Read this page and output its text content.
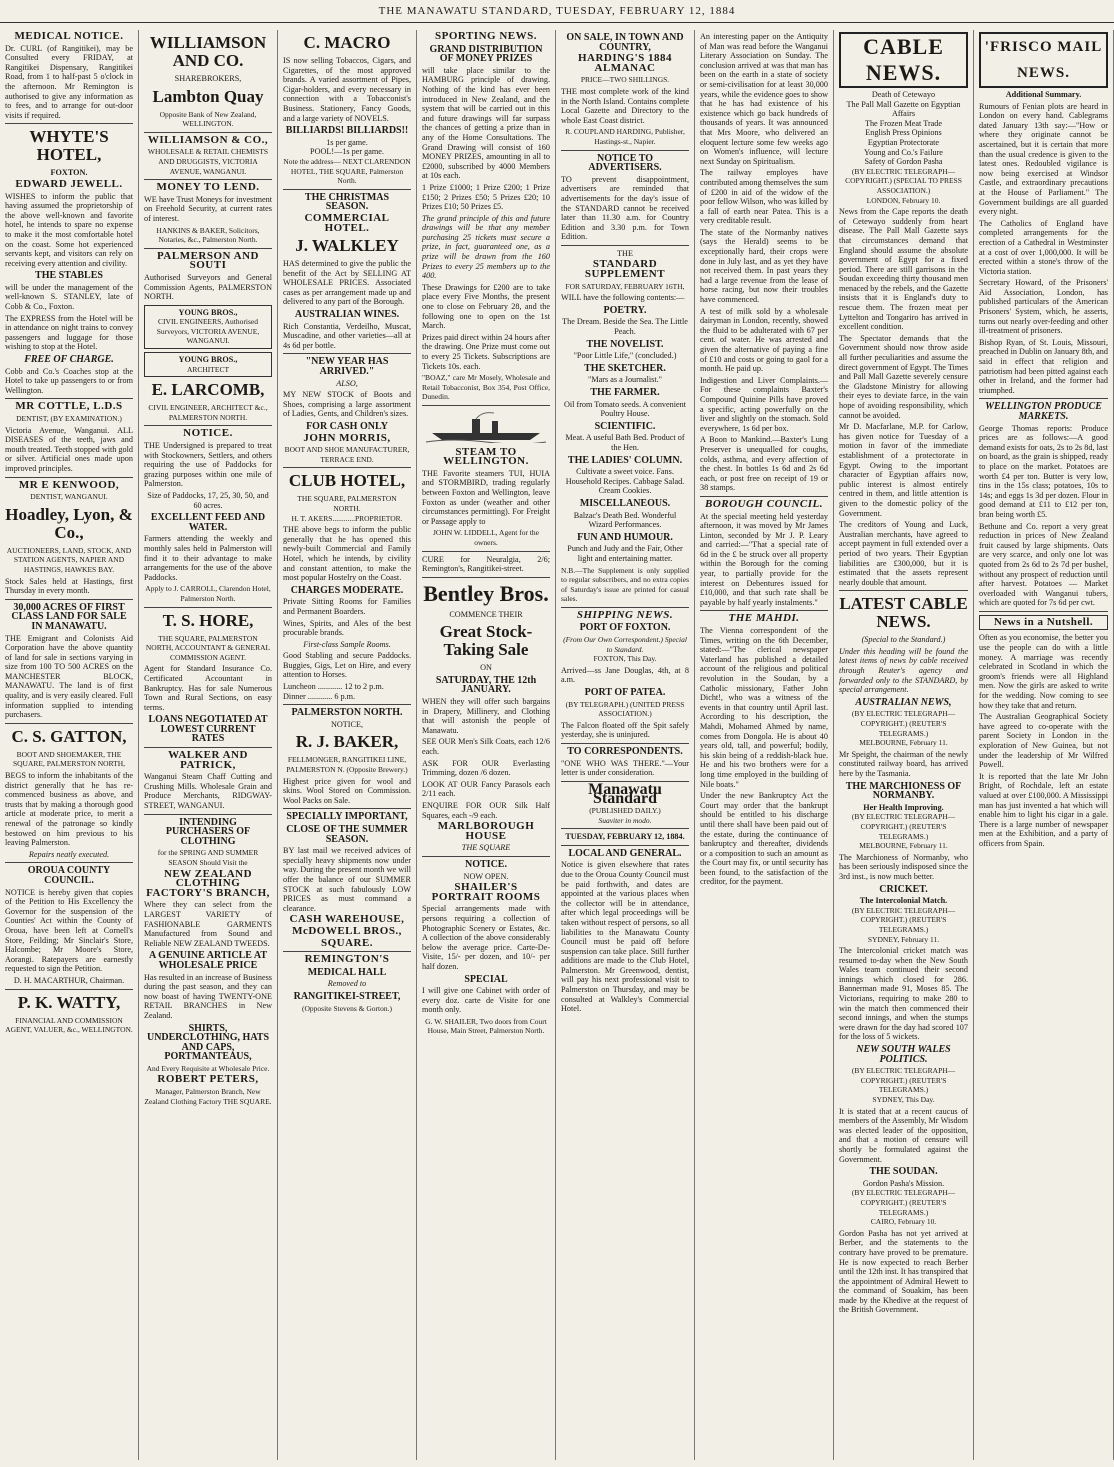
THE MANAWATU STANDARD, TUESDAY, FEBRUARY 12, 1884
MEDICAL NOTICE.

Dr. CURL (of Rangitikei), may be Consulted every FRIDAY, at Rangitikei Dispensary, Rangitikei Road, from 1 to half-past 5 o'clock in the afternoon. Mr Remington is authorised to give any information as to fees, and to arrange for out-door visits if required.

WHYTE'S HOTEL,
FOXTON.
EDWARD JEWELL.

WISHES to inform the public that having assumed the proprietorship of the above well-known and favorite hotel, he intends to spare no expense to make it the most comfortable hotel on the coast. Some hot experienced servants kept, and visitors can rely on receiving every attention and civility.

THE STABLES

will be under the management of the well-known S. STANLEY, late of Cobb & Co., Foxton.

The EXPRESS from the Hotel will be in attendance on night trains to convey passengers and luggage for those wishing to stop at the Hotel.

FREE OF CHARGE.

Cobb and Co.'s Coaches stop at the Hotel to take up passengers to or from Wellington.

MR COTTLE, L.D.S
DENTIST, (BY EXAMINATION.)

Victoria Avenue, Wanganui. ALL DISEASES of the teeth, jaws and mouth treated. Teeth stopped with gold or silver. Artificial ones made upon improved principles.

MR E KENWOOD,
DENTIST, WANGANUI.
Hoadley, Lyon, & Co.,
AUCTIONEERS, LAND, STOCK, AND STATION AGENTS, NAPIER AND HASTINGS, HAWKES BAY.

Stock Sales held at Hastings, first Thursday in every month.

30,000 ACRES OF FIRST CLASS LAND FOR SALE IN MANAWATU.

THE Emigrant and Colonists Aid Corporation have the above quantity of land for sale in sections varying in size from 100 TO 500 ACRES on the MANCHESTER BLOCK, MANAWATU. The land is of first quality, and is very easily cleared. Full information supplied to intending purchasers.

C. S. GATTON,
BOOT AND SHOEMAKER, THE SQUARE, PALMERSTON NORTH,

BEGS to inform the inhabitants of the district generally that he has re-commenced business as above, and trusts that by making a thorough good article at moderate price, to merit a renewal of the patronage so kindly bestowed on him previous to his leaving Palmerston.

Repairs neatly executed.
OROUA COUNTY COUNCIL.

NOTICE is hereby given that copies of the Petition to His Excellency the Governor for the suspension of the Counties' Act within the County of Oroua, have been left at Cornell's Store, Feilding; Mr Sinclair's Store, Halcombe; Mr Moore's Store, Aorangi. Ratepayers are earnestly requested to sign the Petition.

D. H. MACARTHUR, Chairman.
P. K. WATTY,
FINANCIAL AND COMMISSION AGENT, VALUER, &c., WELLINGTON.
WILLIAMSON AND CO.
SHAREBROKERS,
Lambton Quay
Opposite Bank of New Zealand, WELLINGTON.
WILLIAMSON & CO.,
WHOLESALE & RETAIL CHEMISTS AND DRUGGISTS, VICTORIA AVENUE, WANGANUI.
MONEY TO LEND.

WE have Trust Moneys for investment on Freehold Security, at current rates of interest.

HANKINS & BAKER, Solicitors, Notaries, &c., Palmerston North.
PALMERSON AND SOUTI

Authorised Surveyors and General Commission Agents, PALMERSTON NORTH.

YOUNG BROS.,
CIVIL ENGINEERS, Authorised Surveyors, VICTORIA AVENUE, WANGANUI.
YOUNG BROS.,
ARCHITECT
E. LARCOMB,
CIVIL ENGINEER, ARCHITECT &c., PALMERSTON NORTH.
NOTICE.

THE Undersigned is prepared to treat with Stockowners, Settlers, and others requiring the use of Paddocks for grazing purposes within one mile of Palmerston.

Size of Paddocks, 17, 25, 30, 50, and 60 acres.
EXCELLENT FEED AND WATER.

Farmers attending the weekly and monthly sales held in Palmerston will find it to their advantage to make arrangements for the use of the above Paddocks.

Apply to J. CARROLL, Clarendon Hotel, Palmerston North.
T. S. HORE,
THE SQUARE, PALMERSTON NORTH, ACCOUNTANT & GENERAL COMMISSION AGENT.

Agent for Standard Insurance Co. Certificated Accountant in Bankruptcy. Has for sale Numerous Town and Rural Sections, on easy terms.

LOANS NEGOTIATED AT LOWEST CURRENT RATES
WALKER AND PATRICK,

Wanganui Steam Chaff Cutting and Crushing Mills. Wholesale Grain and Produce Merchants, RIDGWAY-STREET, WANGANUI.

INTENDING PURCHASERS OF CLOTHING
for the SPRING AND SUMMER SEASON Should Visit the
NEW ZEALAND CLOTHING FACTORY'S BRANCH,

Where they can select from the LARGEST VARIETY of FASHIONABLE GARMENTS Manufactured from Sound and Reliable NEW ZEALAND TWEEDS.

A GENUINE ARTICLE AT WHOLESALE PRICE

Has resulted in an increase of Business during the past season, and they can now boast of having TWENTY-ONE RETAIL BRANCHES in New Zealand.

SHIRTS, UNDERCLOTHING, HATS AND CAPS, PORTMANTEAUS,
And Every Requisite at Wholesale Price.
ROBERT PETERS,
Manager, Palmerston Branch, New Zealand Clothing Factory THE SQUARE.
C. MACRO

IS now selling Tobaccos, Cigars, and Cigarettes, of the most approved brands. A varied assortment of Pipes, Cigar-holders, and every necessary in connection with a Tobacconist's Business. Stationery, Fancy Goods, and a large variety of NOVELS.

BILLIARDS! BILLIARDS!!
1s per game.
POOL!—1s per game.
Note the address— NEXT CLARENDON HOTEL, THE SQUARE, Palmerston North.
THE CHRISTMAS SEASON.
COMMERCIAL HOTEL.
J. WALKLEY

HAS determined to give the public the benefit of the Act by SELLING AT WHOLESALE PRICES. Associated cases as per arrangement made up and delivered to any part of the Borough.

AUSTRALIAN WINES.

Rich Constantia, Verdeilho, Muscat, Muscadine, and other varieties—all at 4s 6d per bottle.

"NEW YEAR HAS ARRIVED."
ALSO,

MY NEW STOCK of Boots and Shoes, comprising a large assortment of Ladies, Gents, and Children's sizes.

FOR CASH ONLY
JOHN MORRIS,
BOOT AND SHOE MANUFACTURER, TERRACE END.
CLUB HOTEL,
THE SQUARE, PALMERSTON NORTH.
H. T. AKERS............PROPRIETOR.

THE above begs to inform the public generally that he has opened this newly-built Commercial and Family Hotel, which he intends, by civility and constant attention, to make the most popular Hostelry on the Coast.

CHARGES MODERATE.

Private Sitting Rooms for Families and Permanent Boarders.

Wines, Spirits, and Ales of the best procurable brands.

First-class Sample Rooms.

Good Stabling and secure Paddocks. Buggies, Gigs, Let on Hire, and every attention to Horses.

Luncheon ............ 12 to 2 p.m.
Dinner ............ 6 p.m.
PALMERSTON NORTH.
NOTICE,
R. J. BAKER,
FELLMONGER, RANGITIKEI LINE, PALMERSTON N. (Opposite Brewery.)

Highest price given for wool and skins. Wool Stored on Commission. Wool Packs on Sale.

SPECIALLY IMPORTANT,
CLOSE OF THE SUMMER SEASON.

BY last mail we received advices of specially heavy shipments now under way. During the present month we will offer the balance of our SUMMER STOCK at such fabulously LOW PRICES as must command a clearance.

CASH WAREHOUSE,
McDOWELL BROS.,
SQUARE.
REMINGTON'S
MEDICAL HALL
Removed to
RANGITIKEI-STREET,
(Opposite Stevens & Gorton.)
SPORTING NEWS.
GRAND DISTRIBUTION OF MONEY PRIZES

will take place similar to the HAMBURG principle of drawing. Nothing of the kind has ever been introduced in New Zealand, and the system that will be carried out in this and future drawings will far surpass the chances of getting a prize than in any of the Home Consultations. The Grand Drawing will consist of 160 MONEY PRIZES, amounting in all to £2000, subscribed by 4000 Members at 10s each.

1 Prize £1000; 1 Prize £200; 1 Prize £150; 2 Prizes £50; 5 Prizes £20; 10 Prizes £10; 50 Prizes £5.

The grand principle of this and future drawings will be that any member purchasing 25 tickets must secure a prize, in fact, guaranteed one, as a prize will be drawn from the 160 Prizes to every 25 members up to the 400.

These Drawings for £200 are to take place every Five Months, the present one to close on February 28, and the following one to open on the 1st March.

Prizes paid direct within 24 hours after the drawing. One Prize must come out to every 25 Tickets. Subscriptions are Tickets 10s. each.

"BOAZ," care Mr Mosely, Wholesale and Retail Tobacconist, Box 354, Post Office, Dunedin.

STEAM TO WELLINGTON.

THE Favorite steamers TUI, HUIA and STORMBIRD, trading regularly between Foxton and Wellington, leave Foxton as under (weather and other circumstances permitting). For Freight or Passage apply to

JOHN W. LIDDELL, Agent for the owners.

CURE for Neuralgia, 2/6; Remington's, Rangitikei-street.

Bentley Bros.
COMMENCE THEIR
Great Stock-Taking Sale
ON
SATURDAY, THE 12th JANUARY.

WHEN they will offer such bargains in Drapery, Millinery, and Clothing that will astonish the people of Manawatu.

SEE OUR Men's Silk Coats, each 12/6 each.

ASK FOR OUR Everlasting Trimming, dozen /6 dozen.

LOOK AT OUR Fancy Parasols each 2/11 each.

ENQUIRE FOR OUR Silk Half Squares, each -/9 each.

MARLBOROUGH HOUSE
THE SQUARE
NOTICE.
NOW OPEN.
SHAILER'S PORTRAIT ROOMS

Special arrangements made with persons requiring a collection of Photographic Scenery or Estates, &c. A collection of the above considerably below the average price. Carte-De-Visite, 15/- per dozen, and 10/- per half dozen.

SPECIAL

I will give one Cabinet with order of every doz. carte de Visite for one month only.

G. W. SHAILER, Two doors from Court House, Main Street, Palmerston North.
ON SALE, IN TOWN AND COUNTRY,
HARDING'S 1884 ALMANAC
PRICE—TWO SHILLINGS.

THE most complete work of the kind in the North Island. Contains complete Local Gazette and Directory to the whole East Coast district.

R. COUPLAND HARDING, Publisher, Hastings-st., Napier.
NOTICE TO ADVERTISERS.

TO prevent disappointment, advertisers are reminded that advertisements for the day's issue of the STANDARD cannot be received later than 11.30 a.m. for Country Edition and 3.30 p.m. for Town Edition.

THE
STANDARD SUPPLEMENT
FOR SATURDAY, FEBRUARY 16TH,

WILL have the following contents:—

POETRY.
The Dream. Beside the Sea. The Little Peach.
THE NOVELIST.
"Poor Little Life," (concluded.)
THE SKETCHER.
"Mars as a Journalist."
THE FARMER.
Oil from Tomato seeds. A convenient Poultry House.
SCIENTIFIC.
Meat. A useful Bath Bed. Product of the Hen.
THE LADIES' COLUMN.
Cultivate a sweet voice. Fans. Household Recipes. Cabbage Salad. Cream Cookies.
MISCELLANEOUS.
Balzac's Death Bed. Wonderful Wizard Performances.
FUN AND HUMOUR.
Punch and Judy and the Fair, Other light and entertaining matter.

N.B.—The Supplement is only supplied to regular subscribers, and no extra copies of Saturday's issue are printed for casual sales.

SHIPPING NEWS.
PORT OF FOXTON.
(From Our Own Correspondent.) Special to Standard.
FOXTON, This Day.

Arrived—ss Jane Douglas, 4th, at 8 a.m.

PORT OF PATEA.
(BY TELEGRAPH.) (UNITED PRESS ASSOCIATION.)

The Falcon floated off the Spit safely yesterday, she is uninjured.

TO CORRESPONDENTS.

"ONE WHO WAS THERE."—Your letter is under consideration.

Manawatu Standard
(PUBLISHED DAILY.)
Suaviter in modo.
TUESDAY, FEBRUARY 12, 1884.
LOCAL AND GENERAL.

Notice is given elsewhere that rates due to the Oroua County Council must be paid forthwith, and dates are appointed at the various places when the collector will be in attendance, after which legal proceedings will be taken without respect of persons, so all liabilities to the Manawatu County Council must be paid off before suspension can take place. Still further additions are made to the Club Hotel, Palmerston. Mr Greenwood, dentist, will pay his next professional visit to Palmerston on Thursday, and may be consulted at Walkley's Commercial Hotel.

An interesting paper on the Antiquity of Man was read before the Wanganui Literary Association on Sunday. The conclusion arrived at was that man has been on the earth in a state of society or semi-civilisation for at least 30,000 years, while the evidence goes to show that he has had existence of his existence which go back hundreds of thousands of years. It was announced that Mrs Moore, who delivered an eloquent lecture some few weeks ago on Women's influence, will lecture next Sunday on Spiritualism.

The railway employes have contributed among themselves the sum of £200 in aid of the widow of the poor fellow Wilson, who was killed by a fall of earth near Patea. This is a very creditable result.

The state of the Normanby natives (says the Herald) seems to be exceptionally hard, their crops were done in July last, and as yet they have not received them. In past years they had a large revenue from the lease of horse racing, but now their troubles have commenced.

A test of milk sold by a wholesale dairyman in London, recently, showed the fluid to be adulterated with 67 per cent. of water. He was arrested and given the alternative of paying a fine of £10 and costs or going to gaol for a month. He paid up.

Indigestion and Liver Complaints.—For these complaints Baxter's Compound Quinine Pills have proved a specific, acting powerfully on the liver and slightly on the stomach. Sold everywhere, 1s 6d per box.

A Boon to Mankind.—Baxter's Lung Preserver is unequalled for coughs, colds, asthma, and every affection of the chest. In bottles 1s 6d and 2s 6d each, or post free on receipt of 19 or 38 stamps.

BOROUGH COUNCIL.

At the special meeting held yesterday afternoon, it was moved by Mr James Linton, seconded by Mr J. P. Leary and carried:—"That a special rate of 6d in the £ be struck over all property within the Borough for the coming year, to partially provide for the interest on Debentures issued for £10,000, and that such rate shall be payable by half yearly instalments."

THE MAHDI.

The Vienna correspondent of the Times, writing on the 6th December, stated:—"The clerical newspaper Vaterland has published a detailed account of the religious and political revolution in the Soudan, by a Catholic missionary, Father John Dicht!, who was a witness of the events in that country until April last. According to his description, the Mahdi, Mohamed Ahmed by name, comes from Dongola. He is about 40 years old, tall, and powerful; bodily, his skin being of a reddish-black hue. He and his two brothers were for a long time employed in the building of Nile boats."

Under the new Bankruptcy Act the Court may order that the bankrupt should be entitled to his discharge until there shall have been paid out of the estate, during the continuance of bankruptcy and thereafter, dividends or a composition to such an amount as the Court may fix, or until security has been found, to the satisfaction of the creditor, for the payment.

CABLE NEWS.
Death of Cetewayo
The Pall Mall Gazette on Egyptian Affairs
The Frozen Meat Trade
English Press Opinions
Egyptian Protectorate
Young and Co.'s Failure
Safety of Gordon Pasha
(BY ELECTRIC TELEGRAPH—COPYRIGHT.) (SPECIAL TO PRESS ASSOCIATION.)
LONDON, February 10.

News from the Cape reports the death of Cetewayo suddenly from heart disease. The Pall Mall Gazette says that circumstances demand that England should assume the absolute government of Egypt for a fixed period. There are still garrisons in the Soudan exceeding thirty thousand men menaced by the rebels, and the Gazette insists that it is England's duty to rescue them. The frozen meat per Lyttelton and Tongariro has arrived in excellent condition.

The Spectator demands that the Government should now throw aside all further peculiarities and assume the direct government of Egypt. The Times and Pall Mall Gazette severely censure the Gladstone Ministry for allowing their eyes to deviate farce, in the vain hope of avoiding responsibility, which cannot be avoided.

Mr D. Macfarlane, M.P. for Carlow, has given notice for Tuesday of a motion in favor of the immediate establishment of a protectorate in Egypt. Owing to the important character of Egyptian affairs now, public interest is almost entirely centred in them, and little attention is given to the domestic policy of the Government.

The creditors of Young and Luck, Australian merchants, have agreed to accept payment in full extended over a period of two years. Their Egyptian liabilities are £300,000, but it is estimated that the assets represent nearly double that amount.

LATEST CABLE NEWS.
(Special to the Standard.)

Under this heading will be found the latest items of news by cable received through Reuter's agency and forwarded only to the STANDARD, by special arrangement.

AUSTRALIAN NEWS,
(BY ELECTRIC TELEGRAPH—COPYRIGHT.) (REUTER'S TELEGRAMS.)
MELBOURNE, February 11.

Mr Speight, the chairman of the newly constituted railway board, has arrived here by the Tasmania.

THE MARCHIONESS OF NORMANBY.
Her Health Improving.
(BY ELECTRIC TELEGRAPH—COPYRIGHT.) (REUTER'S TELEGRAMS.)
MELBOURNE, February 11.

The Marchioness of Normanby, who has been seriously indisposed since the 3rd inst., is now much better.

CRICKET.
The Intercolonial Match.
(BY ELECTRIC TELEGRAPH—COPYRIGHT.) (REUTER'S TELEGRAMS.)
SYDNEY, February 11.

The Intercolonial cricket match was resumed to-day when the New South Wales team continued their second innings which closed for 286. Bannerman made 91, Moses 85. The Victorians, requiring to make 280 to win the match then commenced their second innings, and when the stumps were drawn for the day had scored 107 for the loss of 5 wickets.

NEW SOUTH WALES POLITICS.
(BY ELECTRIC TELEGRAPH—COPYRIGHT.) (REUTER'S TELEGRAMS.)
SYDNEY, This Day.

It is stated that at a recent caucus of members of the Assembly, Mr Wisdom was elected leader of the opposition, and that a motion of censure will shortly be formulated against the Government.

THE SOUDAN.
Gordon Pasha's Mission.
(BY ELECTRIC TELEGRAPH—COPYRIGHT.) (REUTER'S TELEGRAMS.)
CAIRO, February 10.

Gordon Pasha has not yet arrived at Berber, and the statements to the contrary have proved to be premature. He is now expected to reach Berber until the 12th inst. It has transpired that the appointment of Admiral Hewett to the command of Souakim, has been made by the Khedive at the request of the British Government.

'FRISCO MAIL NEWS.
Additional Summary.

Rumours of Fenian plots are heard in London on every hand. Cablegrams dated January 13th say:—"How or where they originate cannot be ascertained, but it is certain that more than the usual credence is given to the latest ones. Redoubled vigilance is now being exercised at Windsor Castle, and extraordinary precautions at the House of Parliament." The Government buildings are all guarded every night.

The Catholics of England have completed arrangements for the erection of a Cathedral in Westminster at a cost of over 1,000,000. It will be erected within a stone's throw of the Victoria station.

Secretary Howard, of the Prisoners' Aid Association, London, has published particulars of the American Prisoners' System, which, he asserts, turns out nearly over-feeding and other ill-treatment of prisoners.

Bishop Ryan, of St. Louis, Missouri, preached in Dublin on January 8th, and said in effect that religion and patriotism had been pitted against each other in Ireland, and the former had triumphed.

WELLINGTON PRODUCE MARKETS.

George Thomas reports: Produce prices are as follows:—A good demand exists for oats, 2s to 2s 8d, last on board, as the grain is shipped, ready to place on the market. Potatoes are worth £4 per ton. Butter is very low, tins in the 15s class; potatoes, 10s to 14s; and eggs 1s 3d per dozen. Flour in good demand at £11 to £12 per ton, bran being worth £5.

Bethune and Co. report a very great reduction in prices of New Zealand fruit caused by large shipments. Oats are very scarce, and only one lot was quoted from 2s 6d to 2s 7d per bushel, without any prospect of reduction until after harvest. Potatoes — Market overloaded with Wanganui tubers, which are quoted for 7s 6d per cwt.

News in a Nutshell.

Often as you economise, the better you use the people can do with a little money. A marriage was recently celebrated in Scotland in which the groom's friends were all Highland men. Now the girls are asked to write for the wedding. Now coming to see how they take that and return.

The Australian Geographical Society have agreed to co-operate with the parent Society in London in the exploration of New Guinea, but not under the leadership of Mr Wilfred Powell.

It is reported that the late Mr John Bright, of Rochdale, left an estate valued at over £100,000. A Mississippi man has just invented a hat which will enable him to light his cigar in a gale. There is a large number of newspaper men at the Exhibition, and a party of officers from Spain.
